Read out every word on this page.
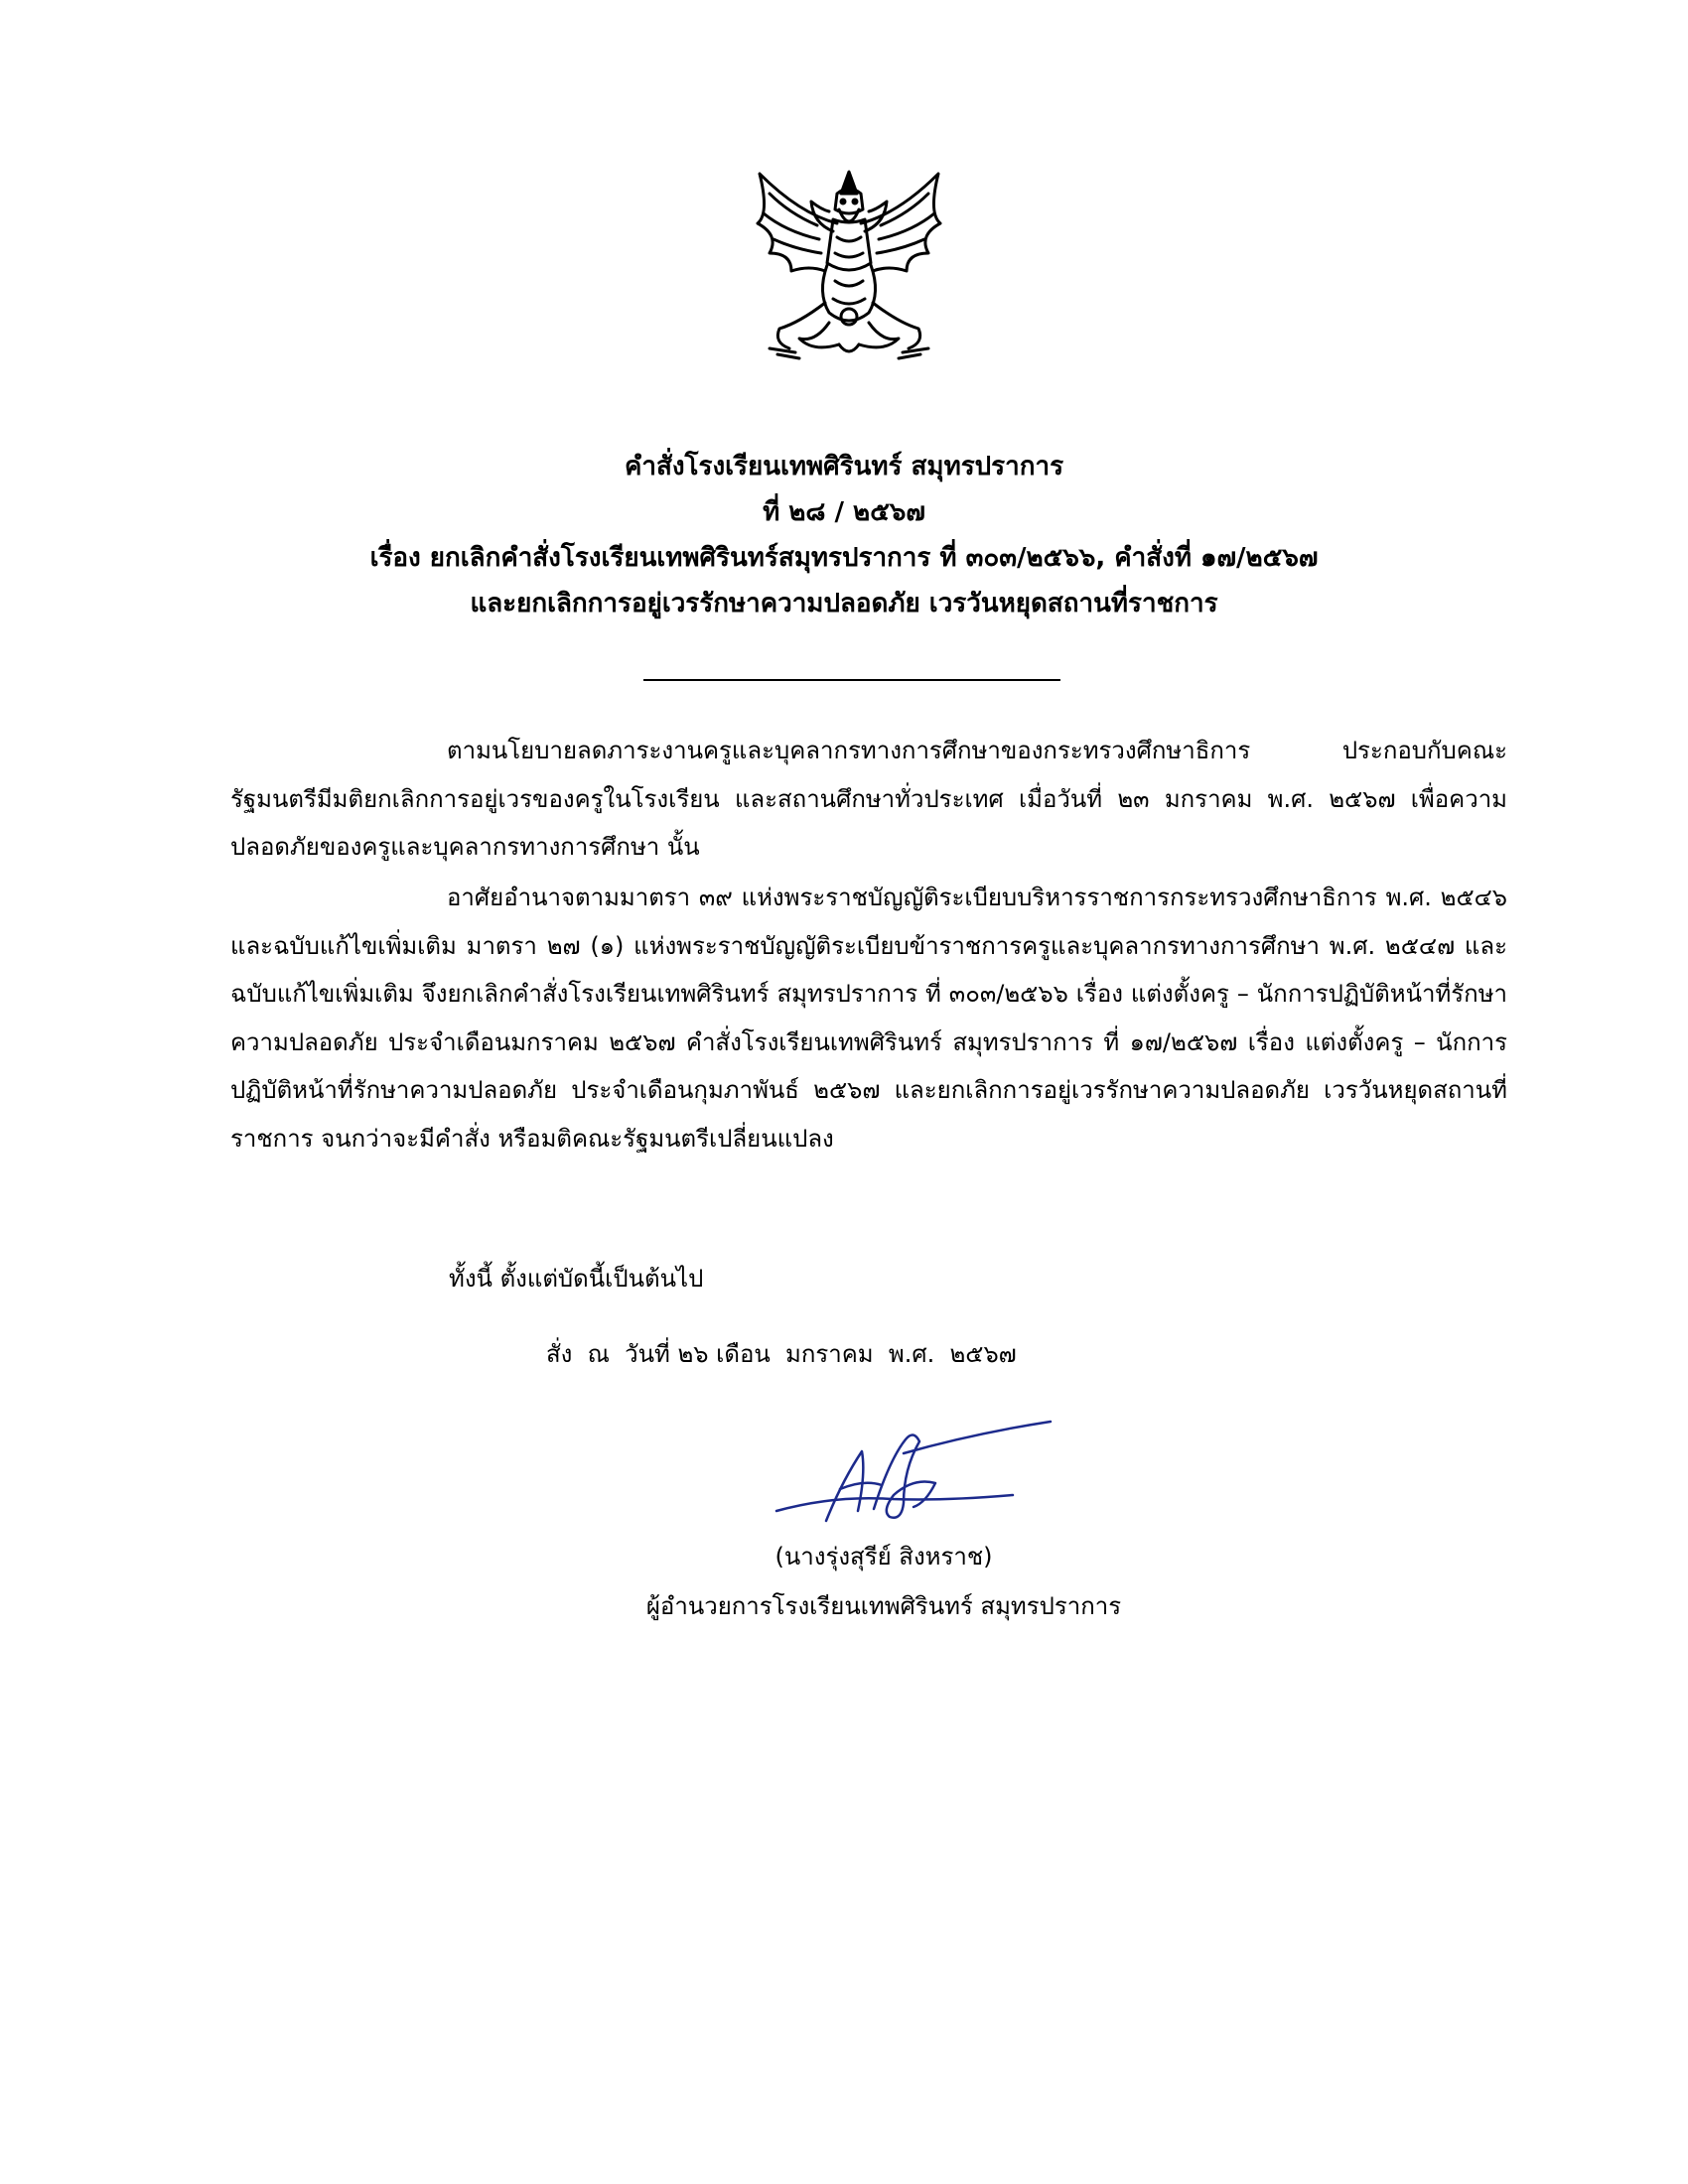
คำสั่งโรงเรียนเทพศิรินทร์ สมุทรปราการ
ที่ ๒๘ / ๒๕๖๗
เรื่อง ยกเลิกคำสั่งโรงเรียนเทพศิรินทร์สมุทรปราการ ที่ ๓๐๓/๒๕๖๖, คำสั่งที่ ๑๗/๒๕๖๗
และยกเลิกการอยู่เวรรักษาความปลอดภัย เวรวันหยุดสถานที่ราชการ
ตามนโยบายลดภาระงานครูและบุคลากรทางการศึกษาของกระทรวงศึกษาธิการ ประกอบกับคณะรัฐมนตรีมีมติยกเลิกการอยู่เวรของครูในโรงเรียน และสถานศึกษาทั่วประเทศ เมื่อวันที่ ๒๓ มกราคม พ.ศ. ๒๕๖๗ เพื่อความปลอดภัยของครูและบุคลากรทางการศึกษา นั้น
อาศัยอำนาจตามมาตรา ๓๙ แห่งพระราชบัญญัติระเบียบบริหารราชการกระทรวงศึกษาธิการ พ.ศ. ๒๕๔๖ และฉบับแก้ไขเพิ่มเติม มาตรา ๒๗ (๑) แห่งพระราชบัญญัติระเบียบข้าราชการครูและบุคลากรทางการศึกษา พ.ศ. ๒๕๔๗ และฉบับแก้ไขเพิ่มเติม จึงยกเลิกคำสั่งโรงเรียนเทพศิรินทร์ สมุทรปราการ ที่ ๓๐๓/๒๕๖๖ เรื่อง แต่งตั้งครู – นักการปฏิบัติหน้าที่รักษาความปลอดภัย ประจำเดือนมกราคม ๒๕๖๗ คำสั่งโรงเรียนเทพศิรินทร์ สมุทรปราการ ที่ ๑๗/๒๕๖๗ เรื่อง แต่งตั้งครู – นักการปฏิบัติหน้าที่รักษาความปลอดภัย ประจำเดือนกุมภาพันธ์ ๒๕๖๗ และยกเลิกการอยู่เวรรักษาความปลอดภัย เวรวันหยุดสถานที่ราชการ จนกว่าจะมีคำสั่ง หรือมติคณะรัฐมนตรีเปลี่ยนแปลง
ทั้งนี้ ตั้งแต่บัดนี้เป็นต้นไป
สั่ง  ณ  วันที่ ๒๖ เดือน  มกราคม  พ.ศ.  ๒๕๖๗
(นางรุ่งสุรีย์ สิงหราช)
ผู้อำนวยการโรงเรียนเทพศิรินทร์ สมุทรปราการ
